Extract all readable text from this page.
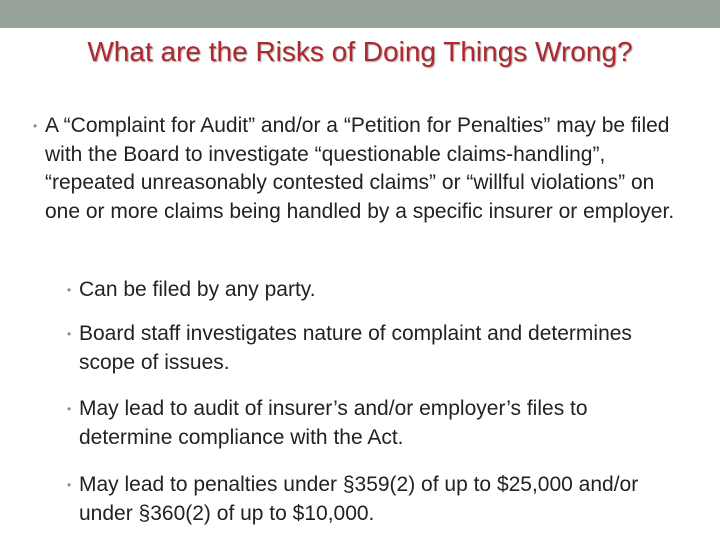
What are the Risks of Doing Things Wrong?
• A “Complaint for Audit” and/or a “Petition for Penalties” may be filed with the Board to investigate “questionable claims-handling”, “repeated unreasonably contested claims” or “willful violations” on one or more claims being handled by a specific insurer or employer.
• Can be filed by any party.
• Board staff investigates nature of complaint and determines scope of issues.
• May lead to audit of insurer’s and/or employer’s files to determine compliance with the Act.
• May lead to penalties under §359(2) of up to $25,000 and/or under §360(2) of up to $10,000.
